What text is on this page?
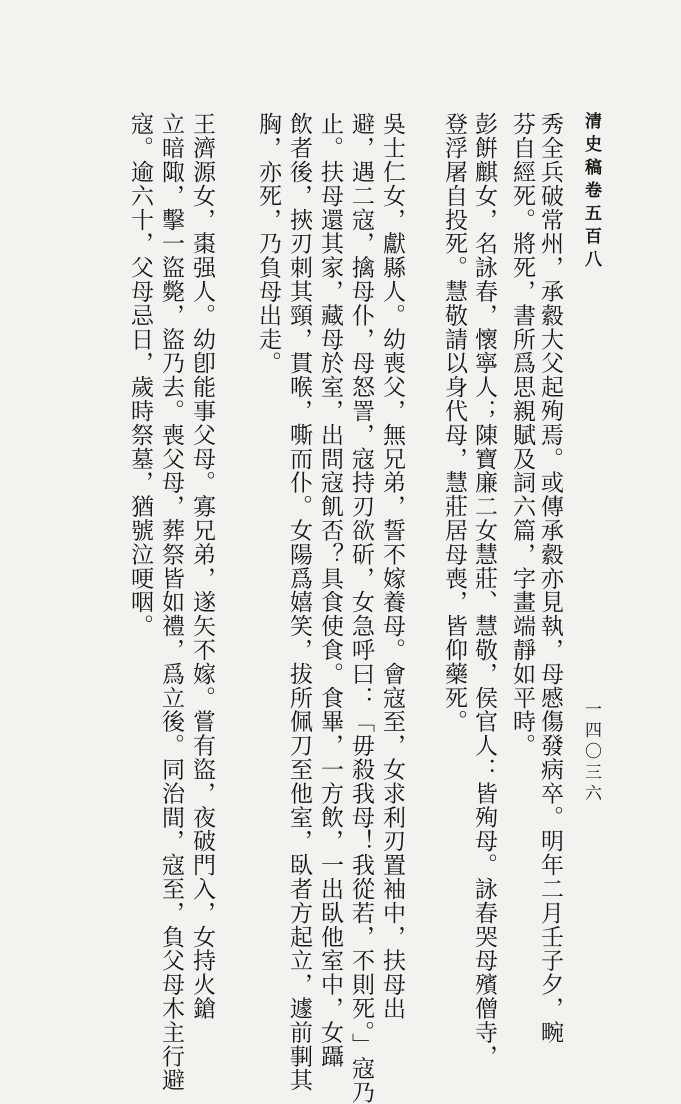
清史稿卷五百八
一四〇三六
秀全兵破常州，承縠大父起殉焉。或傳承縠亦見執，母慼傷發病卒。明年二月壬子夕，畹
芬自經死。將死，書所爲思親賦及詞六篇，字畫端靜如平時。
彭餠麒女，名詠春，懷寧人；陳寶廉二女慧莊、慧敬，侯官人：皆殉母。詠春哭母殯僧寺，
登浮屠自投死。慧敬請以身代母，慧莊居母喪，皆仰藥死。
吳士仁女，獻縣人。幼喪父，無兄弟，誓不嫁養母。會寇至，女求利刃置袖中，扶母出
避，遇二寇，擒母仆，母怒詈，寇持刃欲斫，女急呼曰：「毋殺我母！我從若，不則死。」寇乃
止。扶母還其家，藏母於室，出問寇飢否？具食使食。食畢，一方飲，一出臥他室中，女躡
飲者後，挾刃刺其頸，貫喉，嘶而仆。女陽爲嬉笑，拔所佩刀至他室，臥者方起立，遽前剚其
胸，亦死，乃負母出走。
王濟源女，棗强人。幼卽能事父母。寡兄弟，遂矢不嫁。嘗有盜，夜破門入，女持火鎗
立暗陬，擊一盜斃，盜乃去。喪父母，葬祭皆如禮，爲立後。同治間，寇至，負父母木主行避
寇。逾六十，父母忌日，歲時祭墓，猶號泣哽咽。
